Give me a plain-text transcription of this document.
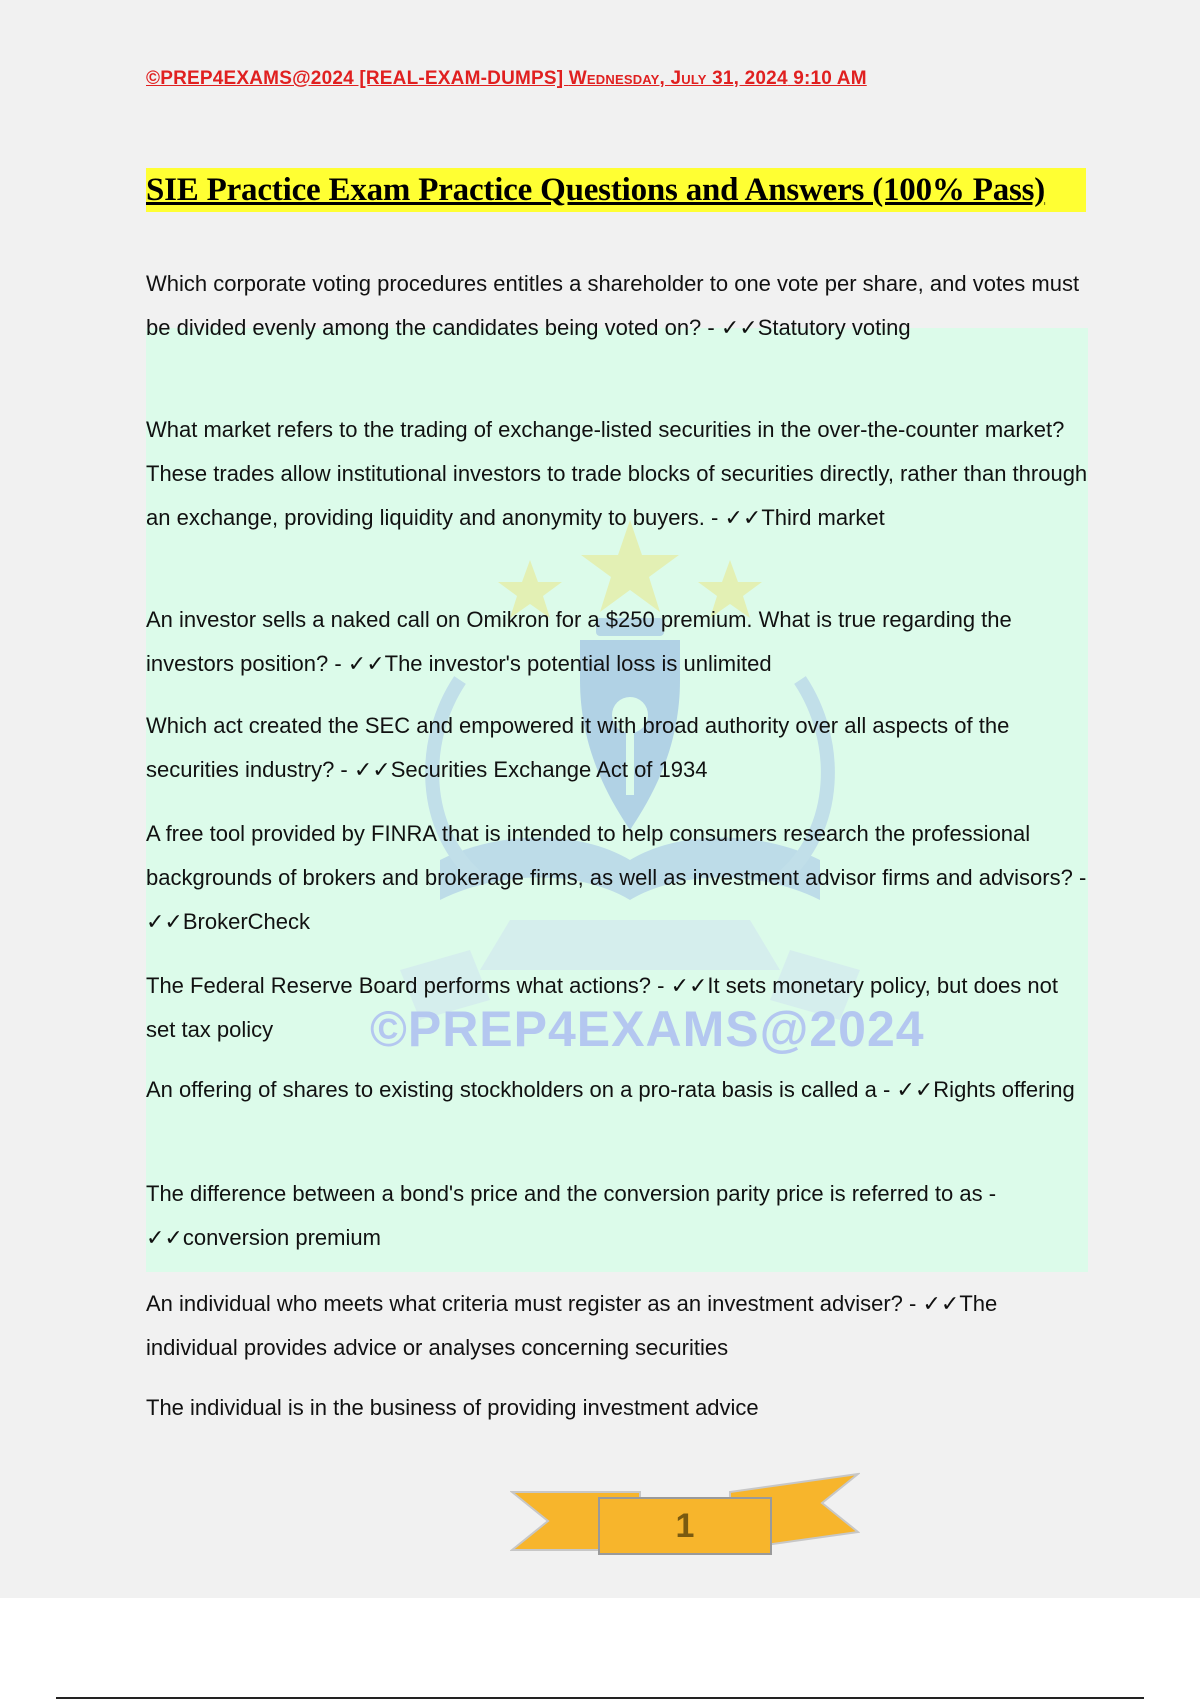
©PREP4EXAMS@2024 [REAL-EXAM-DUMPS] Wednesday, July 31, 2024 9:10 AM
SIE Practice Exam Practice Questions and Answers (100% Pass)
©PREP4EXAMS@2024
Which corporate voting procedures entitles a shareholder to one vote per share, and votes must be divided evenly among the candidates being voted on? - ✓✓Statutory voting
What market refers to the trading of exchange-listed securities in the over-the-counter market? These trades allow institutional investors to trade blocks of securities directly, rather than through an exchange, providing liquidity and anonymity to buyers. - ✓✓Third market
An investor sells a naked call on Omikron for a $250 premium. What is true regarding the investors position? - ✓✓The investor's potential loss is unlimited
Which act created the SEC and empowered it with broad authority over all aspects of the securities industry? - ✓✓Securities Exchange Act of 1934
A free tool provided by FINRA that is intended to help consumers research the professional backgrounds of brokers and brokerage firms, as well as investment advisor firms and advisors? - ✓✓BrokerCheck
The Federal Reserve Board performs what actions? - ✓✓It sets monetary policy, but does not set tax policy
An offering of shares to existing stockholders on a pro-rata basis is called a - ✓✓Rights offering
The difference between a bond's price and the conversion parity price is referred to as - ✓✓conversion premium
An individual who meets what criteria must register as an investment adviser? - ✓✓The individual provides advice or analyses concerning securities
The individual is in the business of providing investment advice
1
